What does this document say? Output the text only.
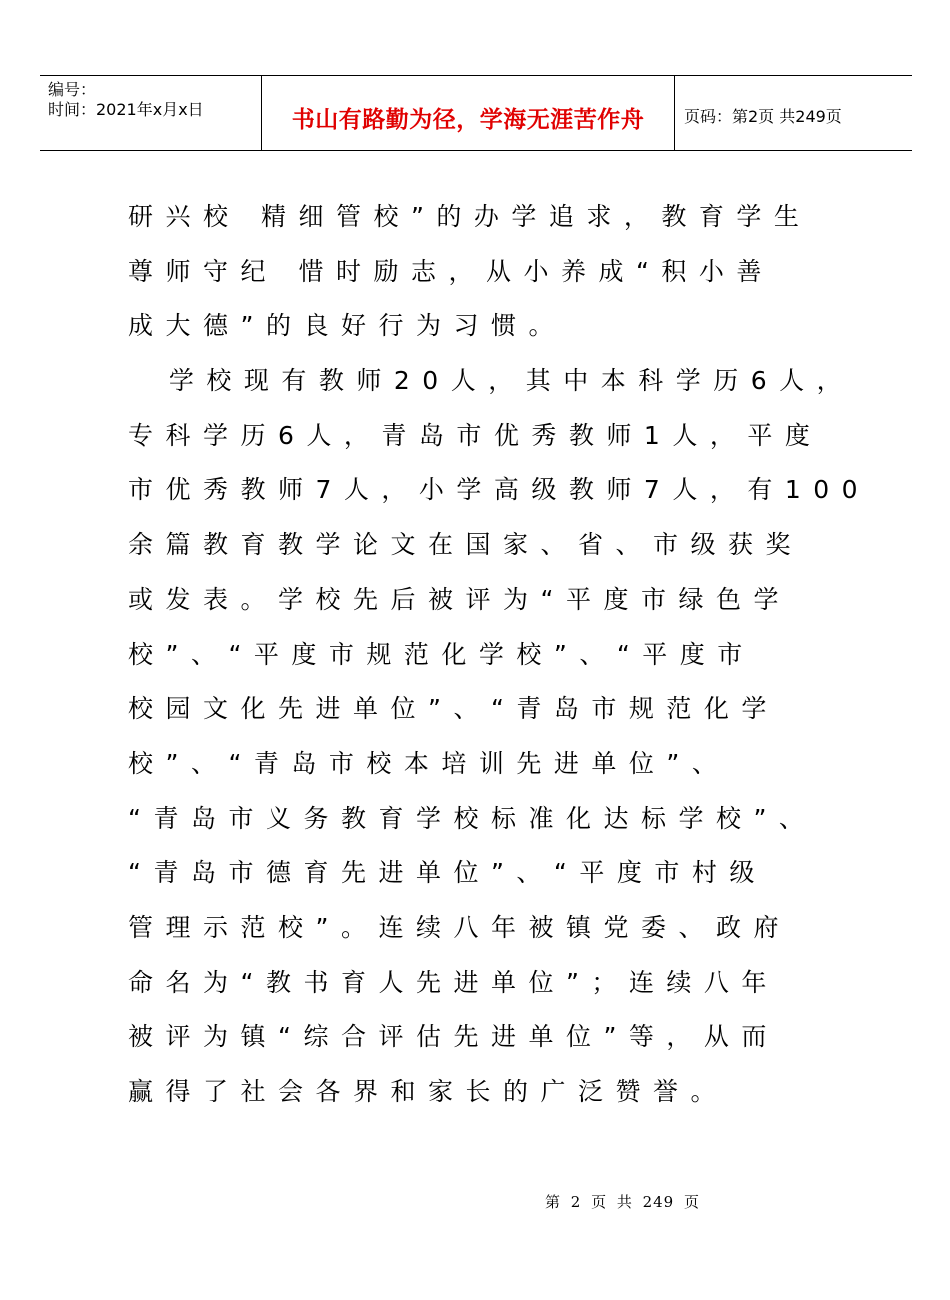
编号：
时间：2021年x月x日	书山有路勤为径，学海无涯苦作舟	页码：第2页 共249页
研兴校 精细管校”的办学追求，教育学生
尊师守纪 惜时励志，从小养成“积小善
成大德”的良好行为习惯。
学校现有教师20人，其中本科学历6人，
专科学历6人，青岛市优秀教师1人，平度
市优秀教师7人，小学高级教师7人，有100
余篇教育教学论文在国家、省、市级获奖
或发表。学校先后被评为“平度市绿色学
校”、“平度市规范化学校”、“平度市
校园文化先进单位”、“青岛市规范化学
校”、“青岛市校本培训先进单位”、
“青岛市义务教育学校标准化达标学校”、
“青岛市德育先进单位”、“平度市村级
管理示范校”。连续八年被镇党委、政府
命名为“教书育人先进单位”；连续八年
被评为镇“综合评估先进单位”等，从而
赢得了社会各界和家长的广泛赞誉。
第 2 页 共 249 页
